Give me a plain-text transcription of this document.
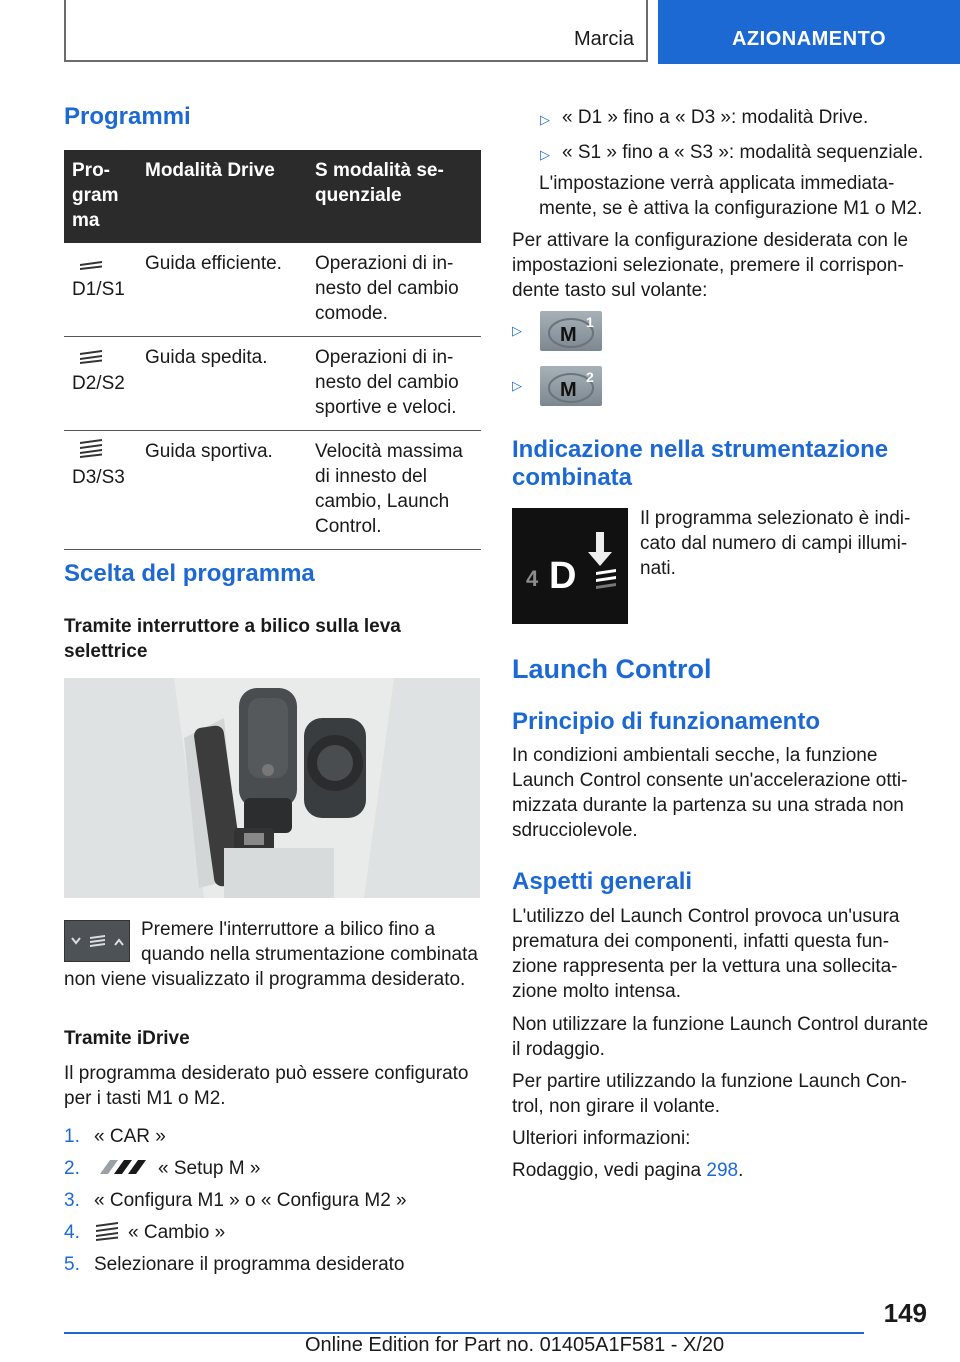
Marcia	AZIONAMENTO
Programmi
Pro-
gram
ma	Modalità Drive	S modalità se-
quenziale

D1/S1	Guida efficiente.	Operazioni di in-
nesto del cambio
comode.

D2/S2	Guida spedita.	Operazioni di in-
nesto del cambio
sportive e veloci.

D3/S3	Guida sportiva.	Velocità massima
di innesto del
cambio, Launch
Control.
Scelta del programma
Tramite interruttore a bilico sulla leva
selettrice
Premere l'interruttore a bilico fino a
quando nella strumentazione combinata
non viene visualizzato il programma desiderato.
Tramite iDrive
Il programma desiderato può essere configurato
per i tasti M1 o M2.
1. « CAR »
2.	« Setup M »
3. « Configura M1 » o « Configura M2 »
4.	« Cambio »
5. Selezionare il programma desiderato
▷ « D1 » fino a « D3 »: modalità Drive.
▷ « S1 » fino a « S3 »: modalità sequenziale.
L'impostazione verrà applicata immediata-
mente, se è attiva la configurazione M1 o M2.
Per attivare la configurazione desiderata con le
impostazioni selezionate, premere il corrispon-
dente tasto sul volante:
▷	M
1
▷	M
2
Indicazione nella strumentazione
combinata
4 D
Il programma selezionato è indi-
cato dal numero di campi illumi-
nati.
Launch Control
Principio di funzionamento
In condizioni ambientali secche, la funzione
Launch Control consente un'accelerazione otti-
mizzata durante la partenza su una strada non
sdrucciolevole.
Aspetti generali
L'utilizzo del Launch Control provoca un'usura
prematura dei componenti, infatti questa fun-
zione rappresenta per la vettura una sollecita-
zione molto intensa.
Non utilizzare la funzione Launch Control durante
il rodaggio.
Per partire utilizzando la funzione Launch Con-
trol, non girare il volante.
Ulteriori informazioni:
Rodaggio, vedi pagina 298.
149
Online Edition for Part no. 01405A1F581 - X/20
